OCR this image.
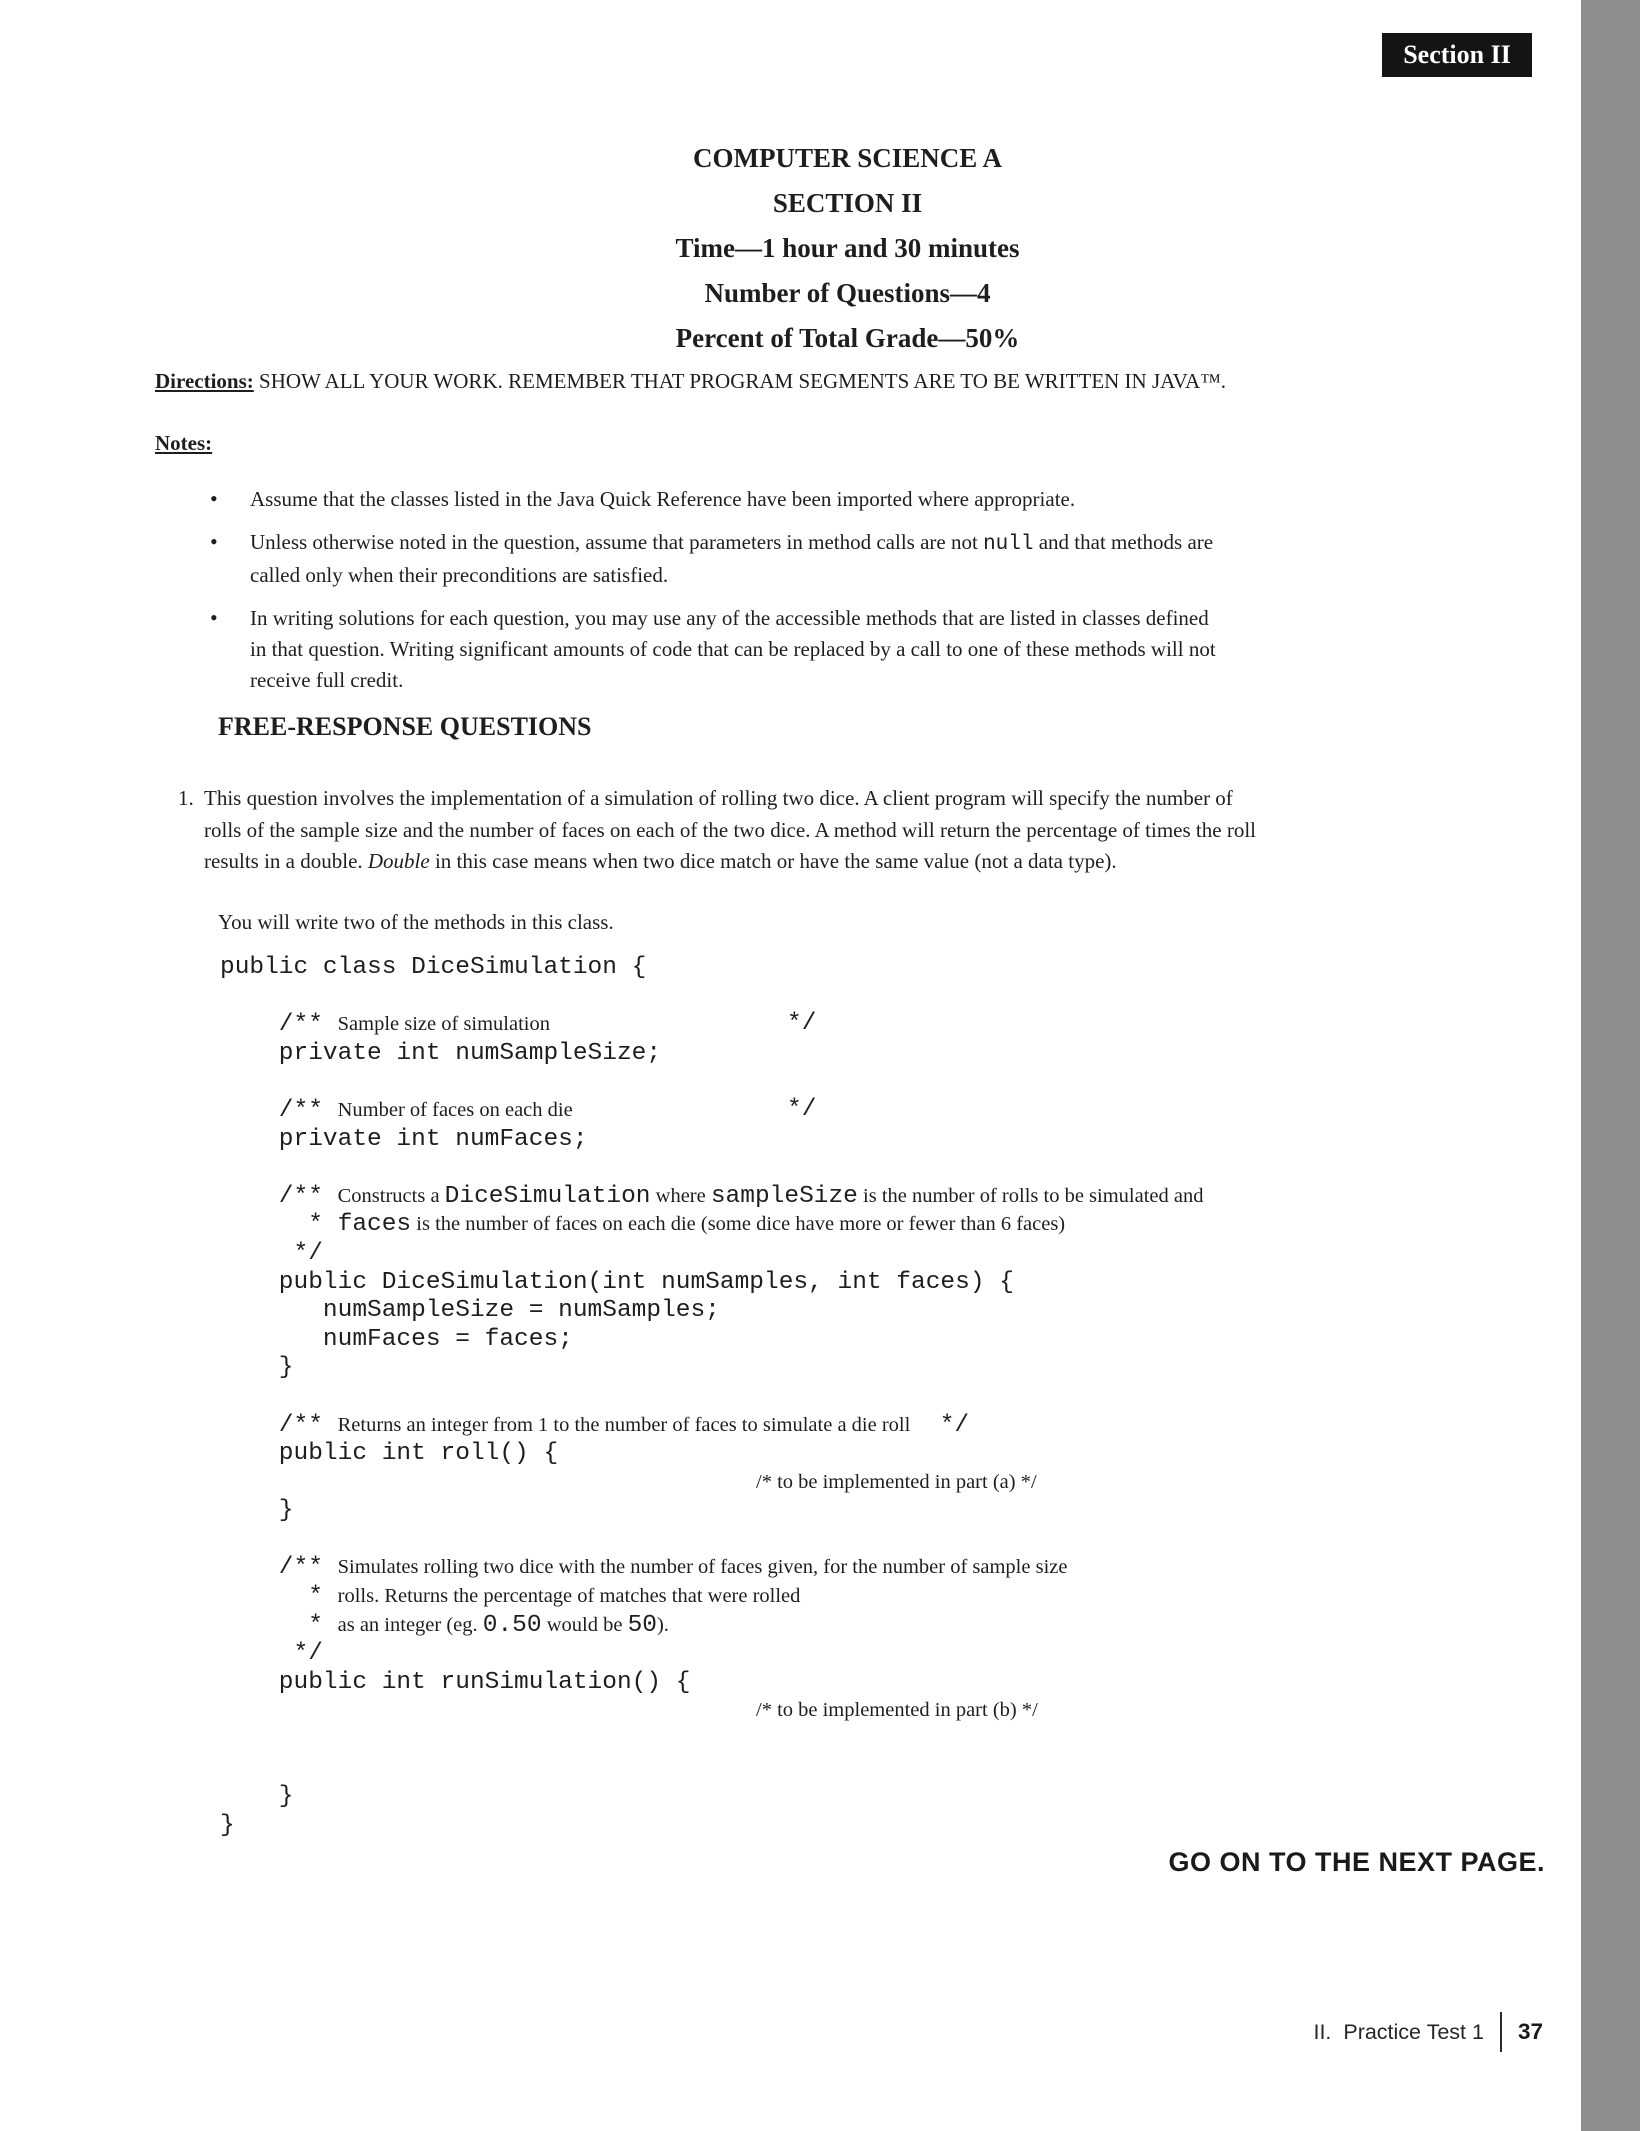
Section II
COMPUTER SCIENCE A
SECTION II
Time—1 hour and 30 minutes
Number of Questions—4
Percent of Total Grade—50%
Directions: SHOW ALL YOUR WORK. REMEMBER THAT PROGRAM SEGMENTS ARE TO BE WRITTEN IN JAVA™.
Notes:
• Assume that the classes listed in the Java Quick Reference have been imported where appropriate.
• Unless otherwise noted in the question, assume that parameters in method calls are not null and that methods are
called only when their preconditions are satisfied.
• In writing solutions for each question, you may use any of the accessible methods that are listed in classes defined
in that question. Writing significant amounts of code that can be replaced by a call to one of these methods will not
receive full credit.
FREE-RESPONSE QUESTIONS
1. This question involves the implementation of a simulation of rolling two dice. A client program will specify the number of
rolls of the sample size and the number of faces on each of the two dice. A method will return the percentage of times the roll
results in a double. Double in this case means when two dice match or have the same value (not a data type).
You will write two of the methods in this class.
public class DiceSimulation {

/** Sample size of simulation	*/
private int numSampleSize;

/** Number of faces on each die	*/
private int numFaces;

/** Constructs a DiceSimulation where sampleSize is the number of rolls to be simulated and
* faces is the number of faces on each die (some dice have more or fewer than 6 faces)
*/
public DiceSimulation(int numSamples, int faces) {
numSampleSize = numSamples;
numFaces = faces;
}

/** Returns an integer from 1 to the number of faces to simulate a die roll  */
public int roll() {
/* to be implemented in part (a) */
}

/** Simulates rolling two dice with the number of faces given, for the number of sample size
* rolls. Returns the percentage of matches that were rolled
* as an integer (eg. 0.50 would be 50).
*/
public int runSimulation() {
/* to be implemented in part (b) */

}
}
GO ON TO THE NEXT PAGE.
II.  Practice Test 1 37
